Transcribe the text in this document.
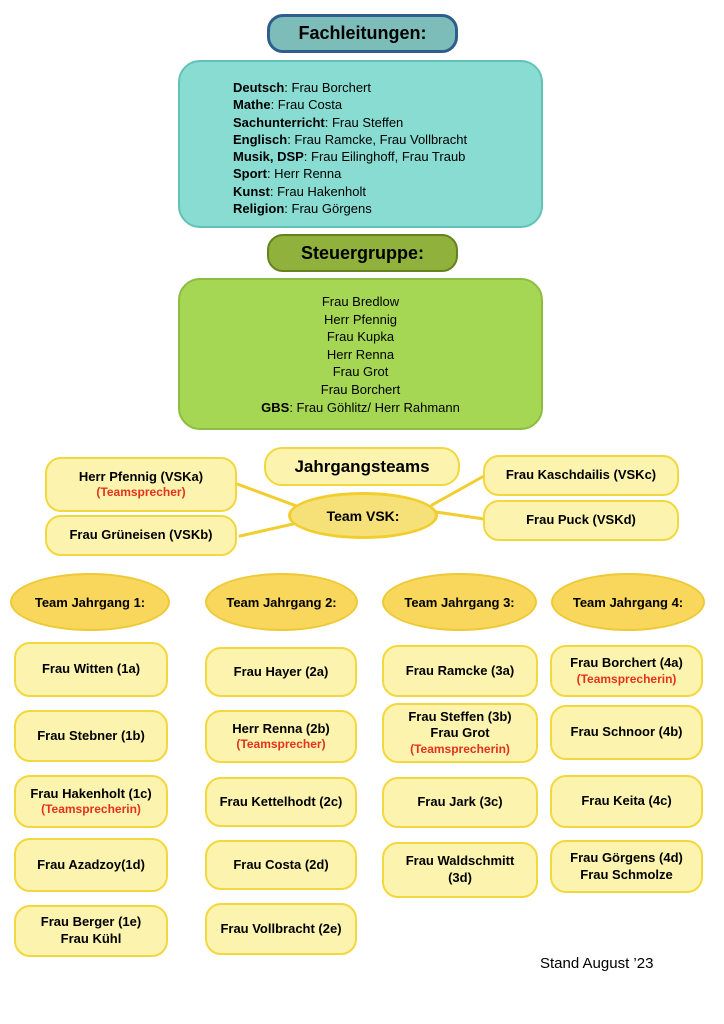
Fachleitungen:
Deutsch: Frau Borchert
Mathe: Frau Costa
Sachunterricht: Frau Steffen
Englisch: Frau Ramcke, Frau Vollbracht
Musik, DSP: Frau Eilinghoff, Frau Traub
Sport: Herr Renna
Kunst: Frau Hakenholt
Religion: Frau Görgens
Steuergruppe:
Frau Bredlow
Herr Pfennig
Frau Kupka
Herr Renna
Frau Grot
Frau Borchert
GBS: Frau Göhlitz/ Herr Rahmann
Jahrgangsteams
Team VSK:
Herr Pfennig (VSKa)
(Teamsprecher)
Frau Grüneisen (VSKb)
Frau Kaschdailis (VSKc)
Frau Puck (VSKd)
Team Jahrgang 1:	Team Jahrgang 2:	Team Jahrgang 3:	Team Jahrgang 4:
Frau Witten (1a)
Frau Stebner (1b)
Frau Hakenholt (1c)
(Teamsprecherin)
Frau Azadzoy(1d)
Frau Berger (1e)
Frau Kühl
Frau Hayer (2a)
Herr Renna (2b)
(Teamsprecher)
Frau Kettelhodt (2c)
Frau Costa (2d)
Frau Vollbracht (2e)
Frau Ramcke (3a)
Frau Steffen (3b)
Frau Grot
(Teamsprecherin)
Frau Jark (3c)
Frau Waldschmitt
(3d)
Frau Borchert (4a)
(Teamsprecherin)
Frau Schnoor (4b)
Frau Keita (4c)
Frau Görgens (4d)
Frau Schmolze
Stand August ’23
